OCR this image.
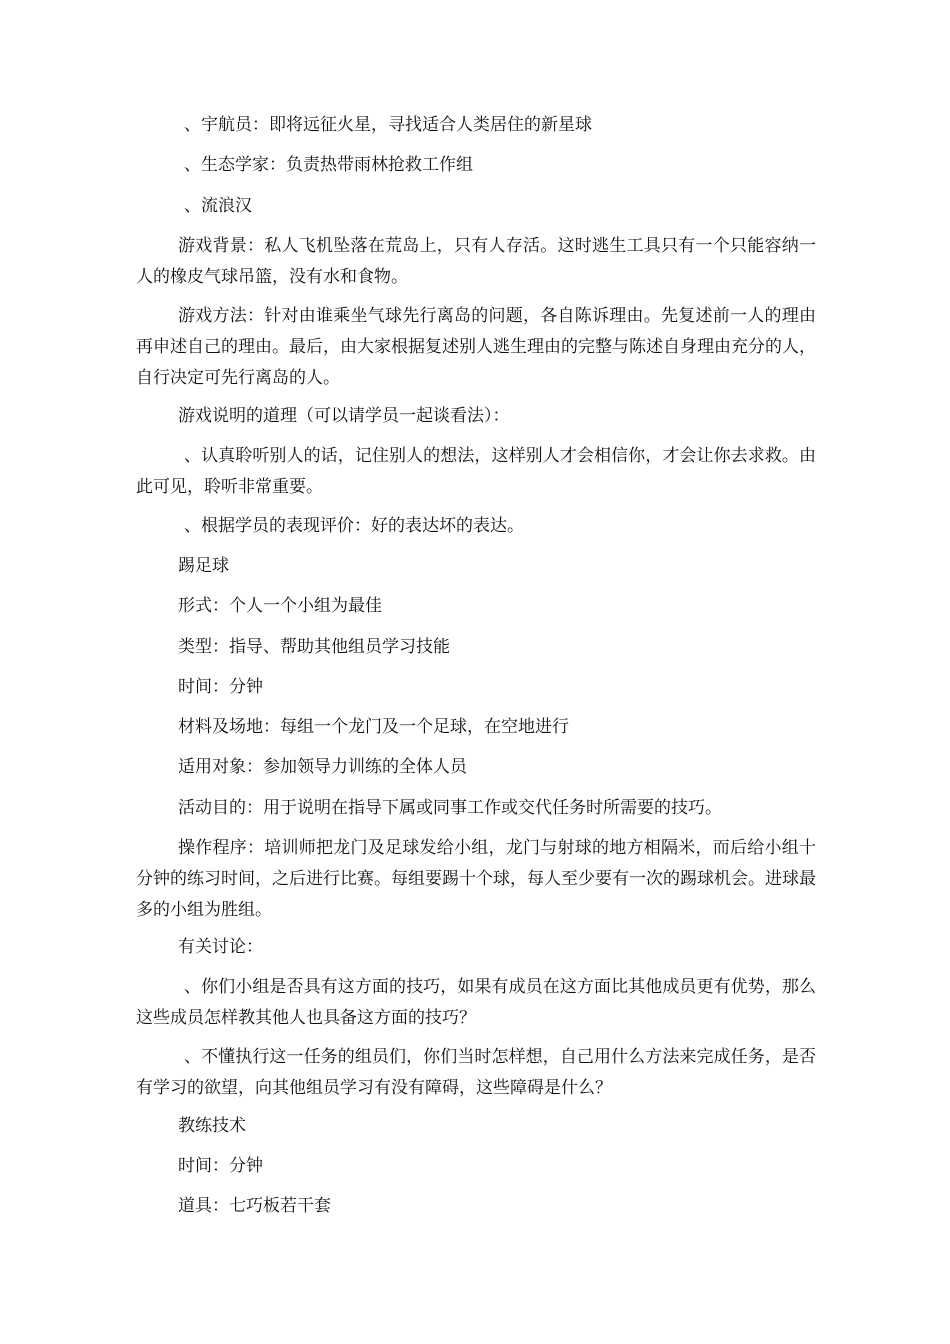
、宇航员：即将远征火星，寻找适合人类居住的新星球

、生态学家：负责热带雨林抢救工作组

、流浪汉

游戏背景：私人飞机坠落在荒岛上，只有人存活。这时逃生工具只有一个只能容纳一人的橡皮气球吊篮，没有水和食物。

游戏方法：针对由谁乘坐气球先行离岛的问题，各自陈诉理由。先复述前一人的理由再申述自己的理由。最后，由大家根据复述别人逃生理由的完整与陈述自身理由充分的人，自行决定可先行离岛的人。

游戏说明的道理（可以请学员一起谈看法）：

、认真聆听别人的话，记住别人的想法，这样别人才会相信你，才会让你去求救。由此可见，聆听非常重要。

、根据学员的表现评价：好的表达坏的表达。

踢足球

形式：个人一个小组为最佳

类型：指导、帮助其他组员学习技能

时间：分钟

材料及场地：每组一个龙门及一个足球，在空地进行

适用对象：参加领导力训练的全体人员

活动目的：用于说明在指导下属或同事工作或交代任务时所需要的技巧。

操作程序：培训师把龙门及足球发给小组，龙门与射球的地方相隔米，而后给小组十分钟的练习时间，之后进行比赛。每组要踢十个球，每人至少要有一次的踢球机会。进球最多的小组为胜组。

有关讨论：

、你们小组是否具有这方面的技巧，如果有成员在这方面比其他成员更有优势，那么这些成员怎样教其他人也具备这方面的技巧？

、不懂执行这一任务的组员们，你们当时怎样想，自己用什么方法来完成任务，是否有学习的欲望，向其他组员学习有没有障碍，这些障碍是什么？

教练技术

时间：分钟

道具：七巧板若干套
